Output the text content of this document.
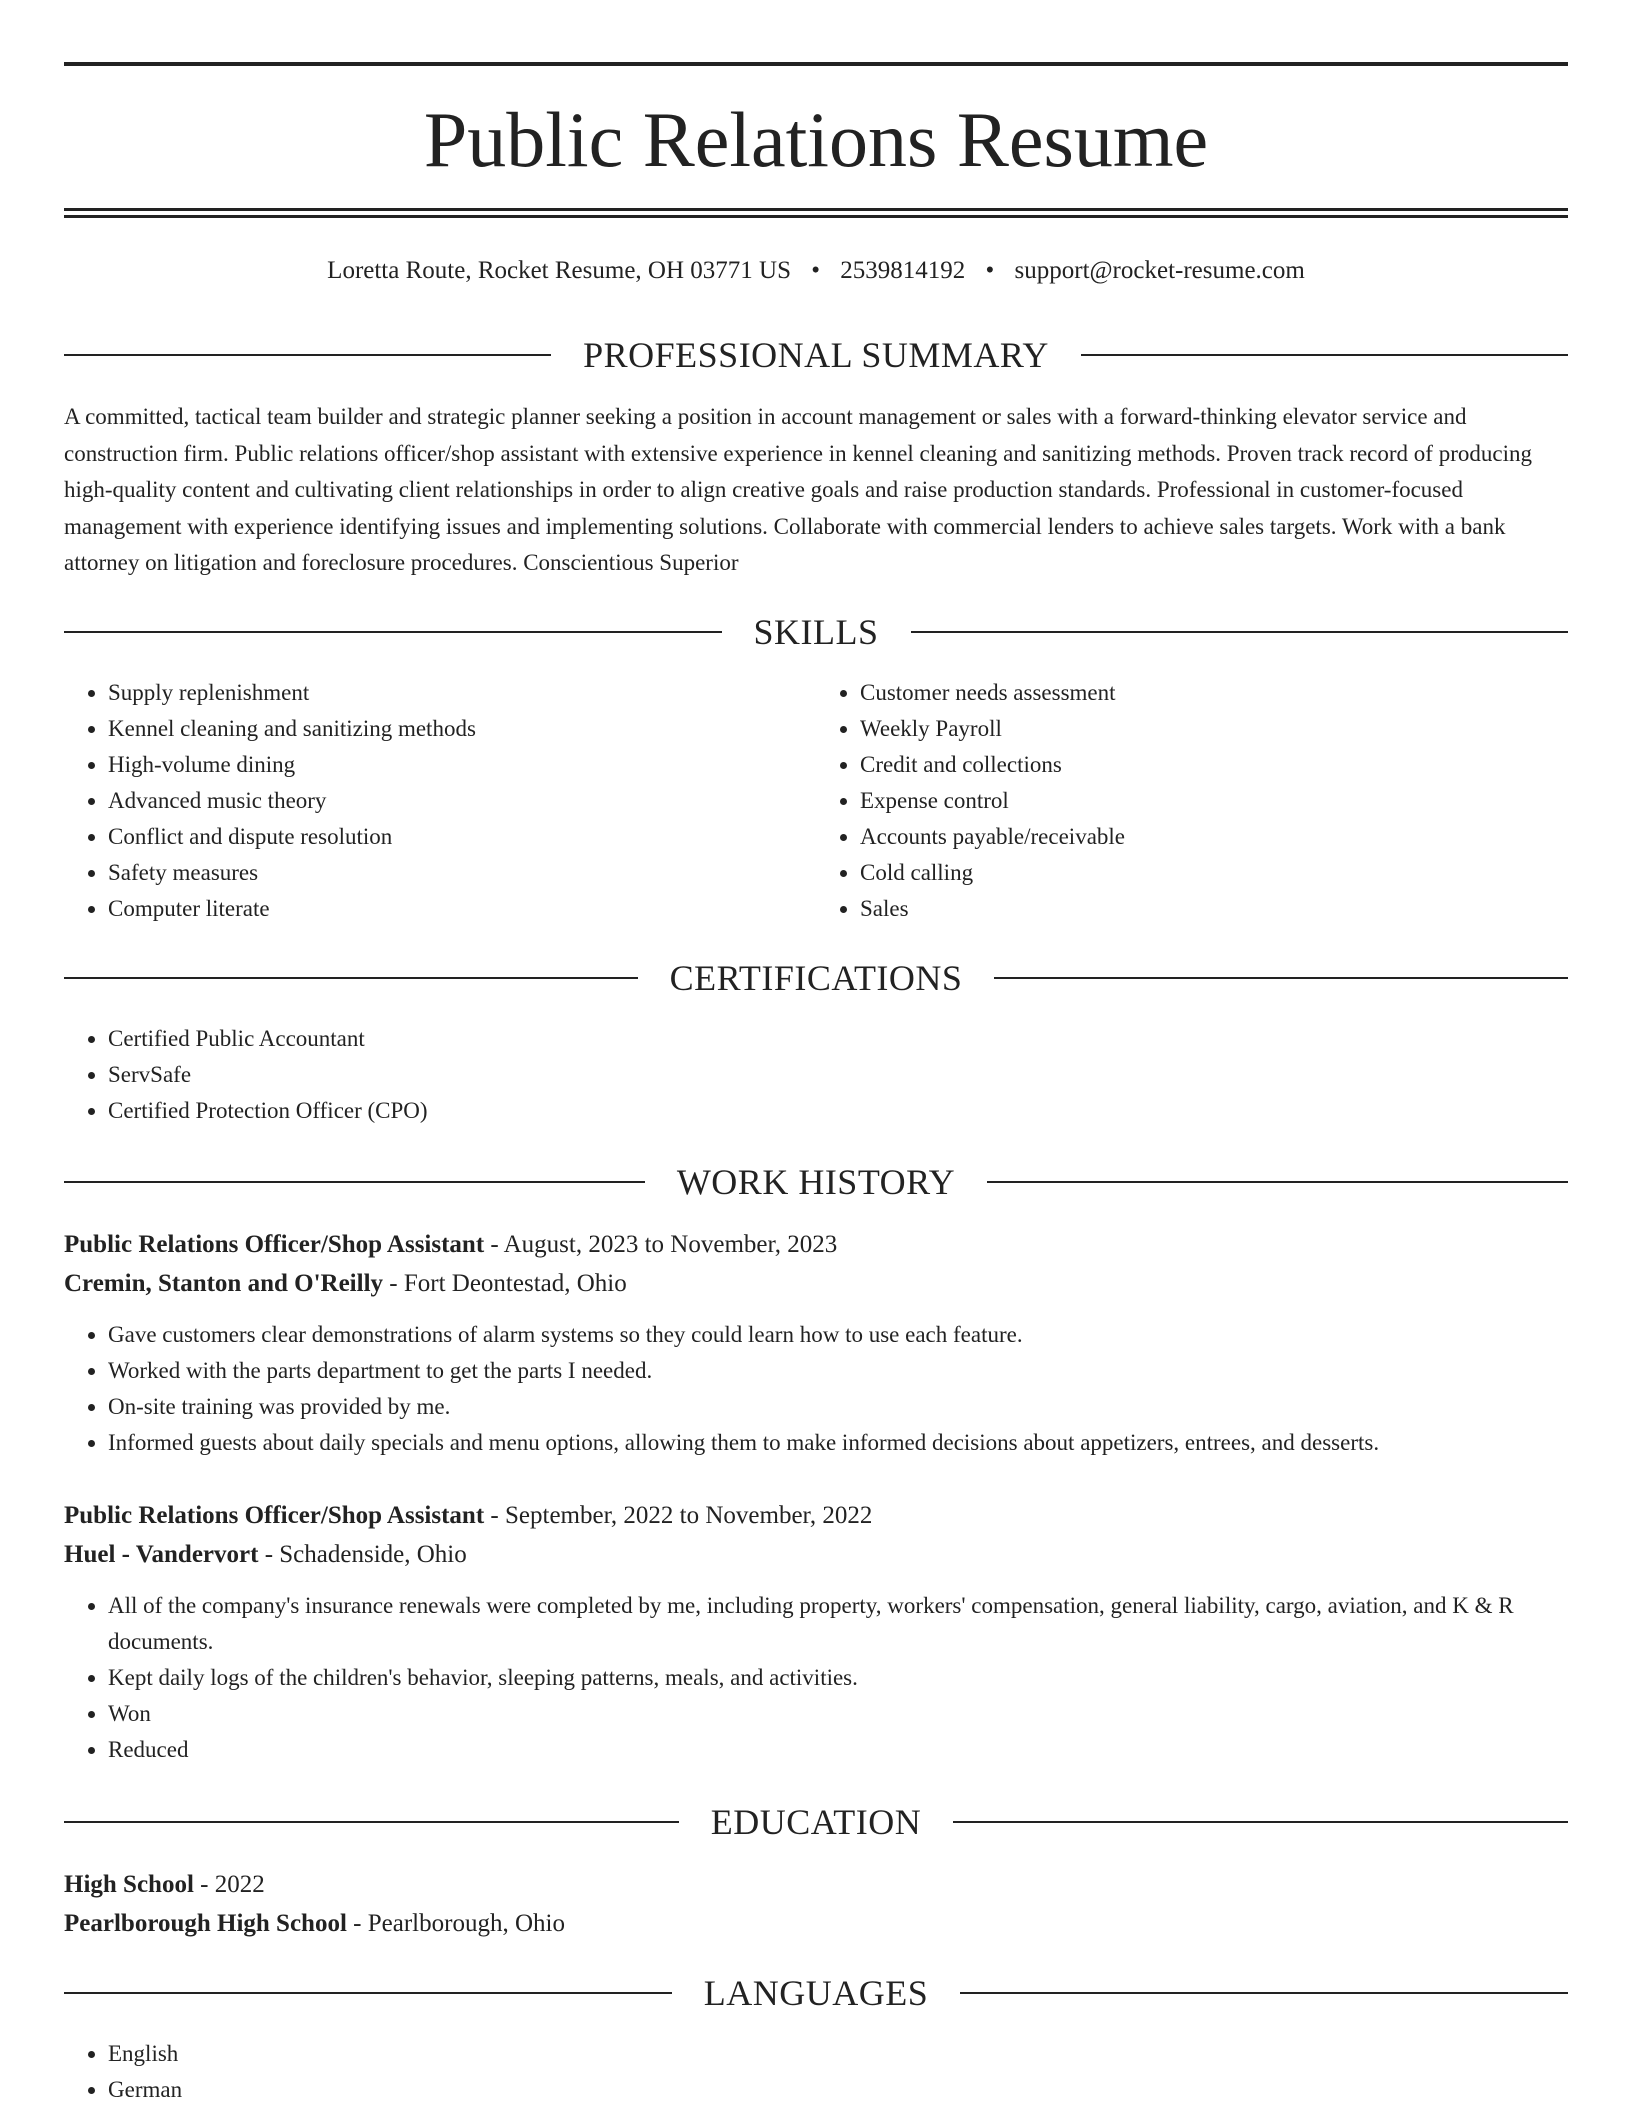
Public Relations Resume
Loretta Route, Rocket Resume, OH 03771 US • 2539814192 • support@rocket-resume.com
PROFESSIONAL SUMMARY

A committed, tactical team builder and strategic planner seeking a position in account management or sales with a forward-thinking elevator service and construction firm. Public relations officer/shop assistant with extensive experience in kennel cleaning and sanitizing methods. Proven track record of producing high-quality content and cultivating client relationships in order to align creative goals and raise production standards. Professional in customer-focused management with experience identifying issues and implementing solutions. Collaborate with commercial lenders to achieve sales targets. Work with a bank attorney on litigation and foreclosure procedures. Conscientious Superior

SKILLS
• Supply replenishment
• Kennel cleaning and sanitizing methods
• High-volume dining
• Advanced music theory
• Conflict and dispute resolution
• Safety measures
• Computer literate
• Customer needs assessment
• Weekly Payroll
• Credit and collections
• Expense control
• Accounts payable/receivable
• Cold calling
• Sales
CERTIFICATIONS
• Certified Public Accountant
• ServSafe
• Certified Protection Officer (CPO)
WORK HISTORY
Public Relations Officer/Shop Assistant - August, 2023 to November, 2023
Cremin, Stanton and O'Reilly - Fort Deontestad, Ohio
• Gave customers clear demonstrations of alarm systems so they could learn how to use each feature.
• Worked with the parts department to get the parts I needed.
• On-site training was provided by me.
• Informed guests about daily specials and menu options, allowing them to make informed decisions about appetizers, entrees, and desserts.
Public Relations Officer/Shop Assistant - September, 2022 to November, 2022
Huel - Vandervort - Schadenside, Ohio
• All of the company's insurance renewals were completed by me, including property, workers' compensation, general liability, cargo, aviation, and K & R documents.
• Kept daily logs of the children's behavior, sleeping patterns, meals, and activities.
• Won
• Reduced
EDUCATION
High School - 2022
Pearlborough High School - Pearlborough, Ohio
LANGUAGES
• English
• German
